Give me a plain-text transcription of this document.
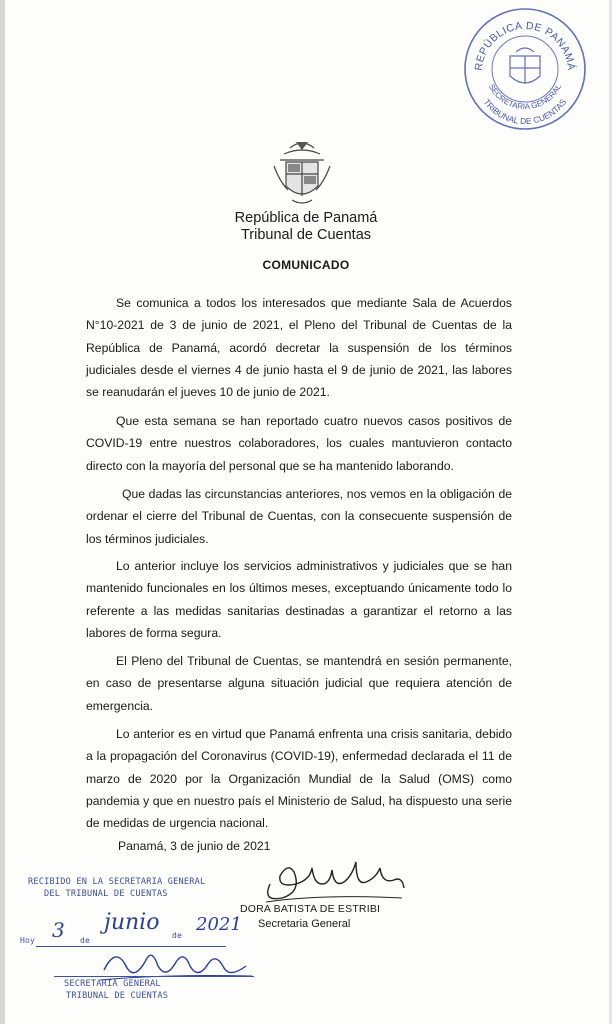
REPÚBLICA DE PANAMÁ
SECRETARIA GENERAL
TRIBUNAL DE CUENTAS
República de Panamá
Tribunal de Cuentas
COMUNICADO

Se comunica a todos los interesados que mediante Sala de Acuerdos N°10-2021 de 3 de junio de 2021, el Pleno del Tribunal de Cuentas de la República de Panamá, acordó decretar la suspensión de los términos judiciales desde el viernes 4 de junio hasta el 9 de junio de 2021, las labores se reanudarán el jueves 10 de junio de 2021.

Que esta semana se han reportado cuatro nuevos casos positivos de COVID-19 entre nuestros colaboradores, los cuales mantuvieron contacto directo con la mayoría del personal que se ha mantenido laborando.

Que dadas las circunstancias anteriores, nos vemos en la obligación de ordenar el cierre del Tribunal de Cuentas, con la consecuente suspensión de los términos judiciales.

Lo anterior incluye los servicios administrativos y judiciales que se han mantenido funcionales en los últimos meses, exceptuando únicamente todo lo referente a las medidas sanitarias destinadas a garantizar el retorno a las labores de forma segura.

El Pleno del Tribunal de Cuentas, se mantendrá en sesión permanente, en caso de presentarse alguna situación judicial que requiera atención de emergencia.

Lo anterior es en virtud que Panamá enfrenta una crisis sanitaria, debido a la propagación del Coronavirus (COVID-19), enfermedad declarada el 11 de marzo de 2020 por la Organización Mundial de la Salud (OMS) como pandemia y que en nuestro país el Ministerio de Salud, ha dispuesto una serie de medidas de urgencia nacional.

Panamá, 3 de junio de 2021
DORA BATISTA DE ESTRIBI
Secretaria General
RECIBIDO EN LA SECRETARIA GENERAL
DEL TRIBUNAL DE CUENTAS
Hoy	de
de
3 junio 2021
SECRETARIA GENERAL
TRIBUNAL DE CUENTAS
